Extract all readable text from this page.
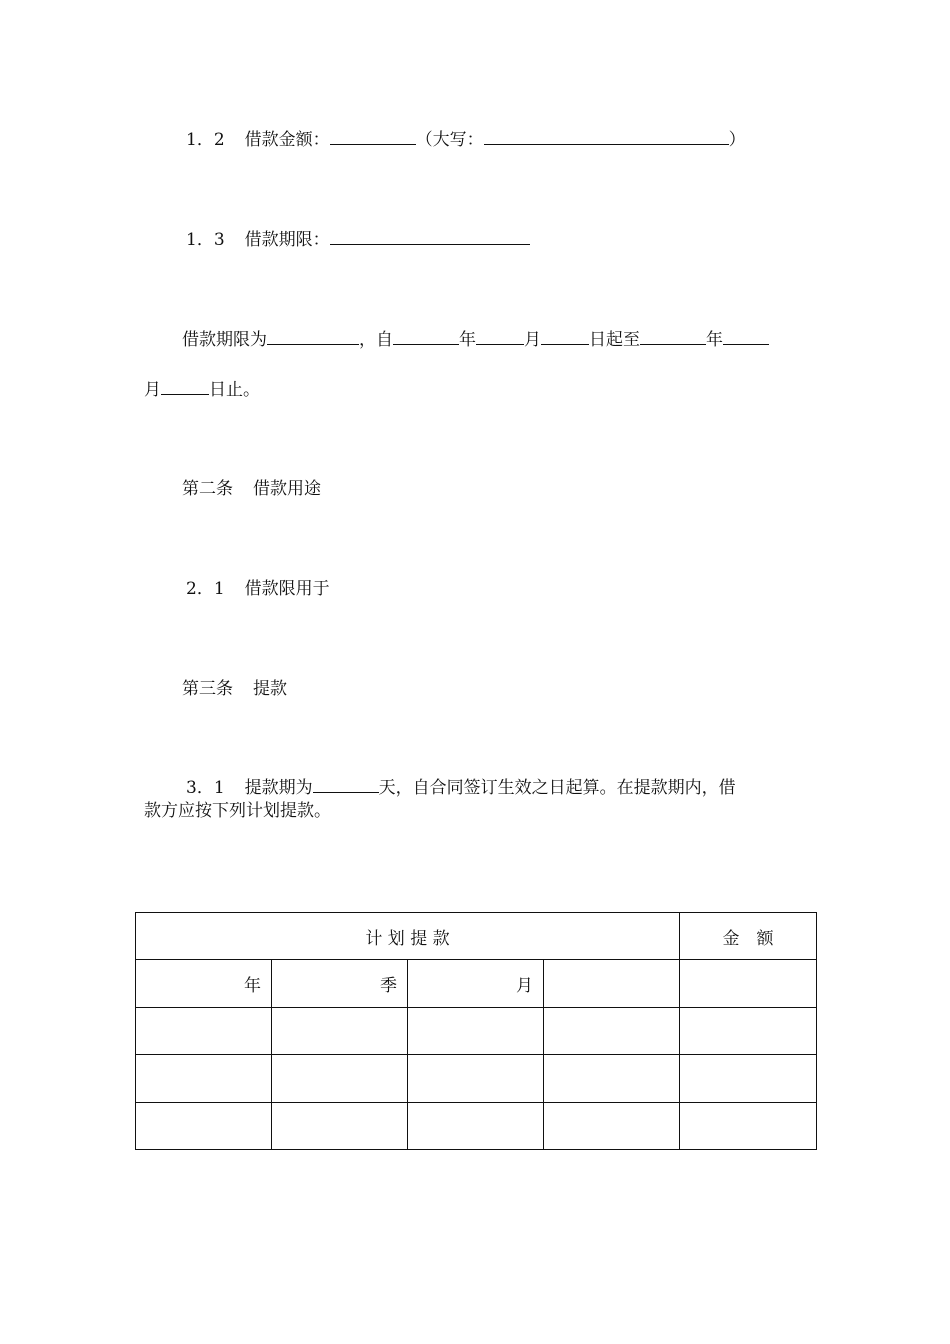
1．2 借款金额：	（大写：	）
1．3 借款期限：
借款期限为	，自	年	月	日起至	年
月	日止。
第二条 借款用途
2．1 借款限用于
第三条 提款
3．1 提款期为	天，自合同签订生效之日起算。在提款期内，借
款方应按下列计划提款。
计 划 提 款				金　额
年	季	月		
